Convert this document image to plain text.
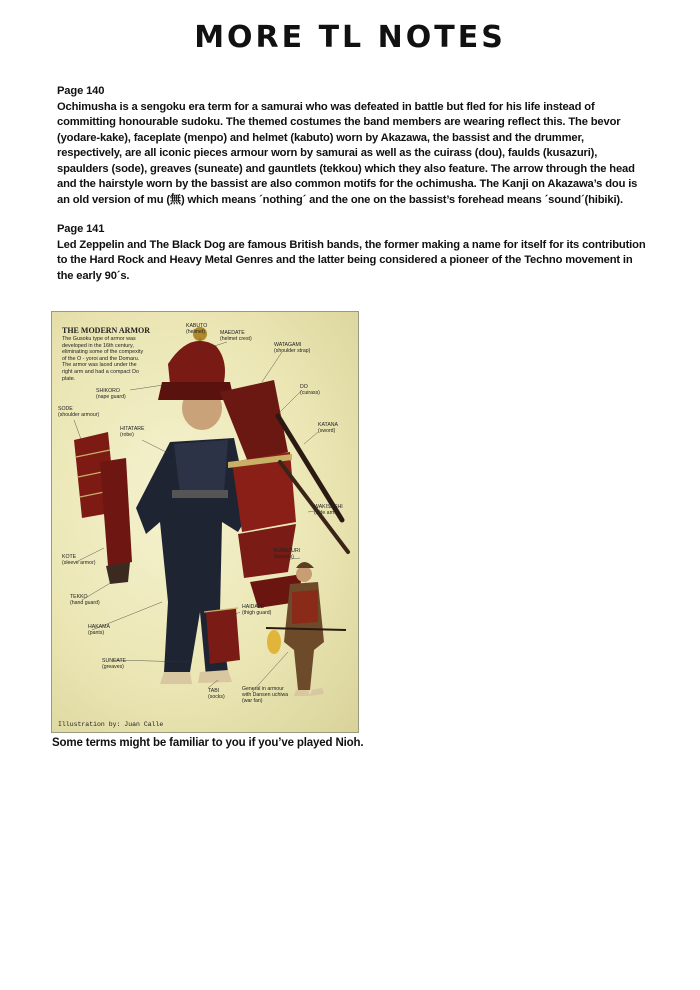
MORE TL NOTES
Page 140
Ochimusha is a sengoku era term for a samurai who was defeated in battle but fled for his life instead of committing honourable sudoku. The themed costumes the band members are wearing reflect this. The bevor (yodare-kake), faceplate (menpo) and helmet (kabuto) worn by Akazawa, the bassist and the drummer, respectively, are all iconic pieces armour worn by samurai as well as the cuirass (dou), faulds (kusazuri), spaulders (sode), greaves (suneate) and gauntlets (tekkou) which they also feature. The arrow through the head and the hairstyle worn by the bassist are also common motifs for the ochimusha. The Kanji on Akazawa’s dou is an old version of mu (無) which means ´nothing´ and the one on the bassist’s forehead means ´sound´(hibiki).
Page 141
Led Zeppelin and The Black Dog are famous British bands, the former making a name for itself for its contribution to the Hard Rock and Heavy Metal Genres and the latter being considered a pioneer of the Techno movement in the early 90´s.
THE MODERN ARMOR
The Gusoku type of armor was developed in the 16th century, eliminating some of the compexity of the O - yoroi and the Domaru. The armor was laced under the right arm and had a compact Do plate.
KABUTO
(helmet)	MAEDATE
(helmet crest)
WATAGAMI
(shoulder strap)
SHIKORO
(nape guard)
DO
(cuirass)
SODE
(shoulder armour)
HITATARE
(robe)
KATANA
(sword)
WAKISASHI
(side arm)
KUSAZURI
(tassets)
KOTE
(sleeve armor)
TEKKO
(hand guard)
HAIDATE
(thigh guard)
HAKAMA
(pants)
SUNEATE
(greaves)
TABI
(socks)
General in armour
with Dansen uchiwa (war fan)
Illustration by: Juan Calle
Some terms might be familiar to you if you’ve played Nioh.
